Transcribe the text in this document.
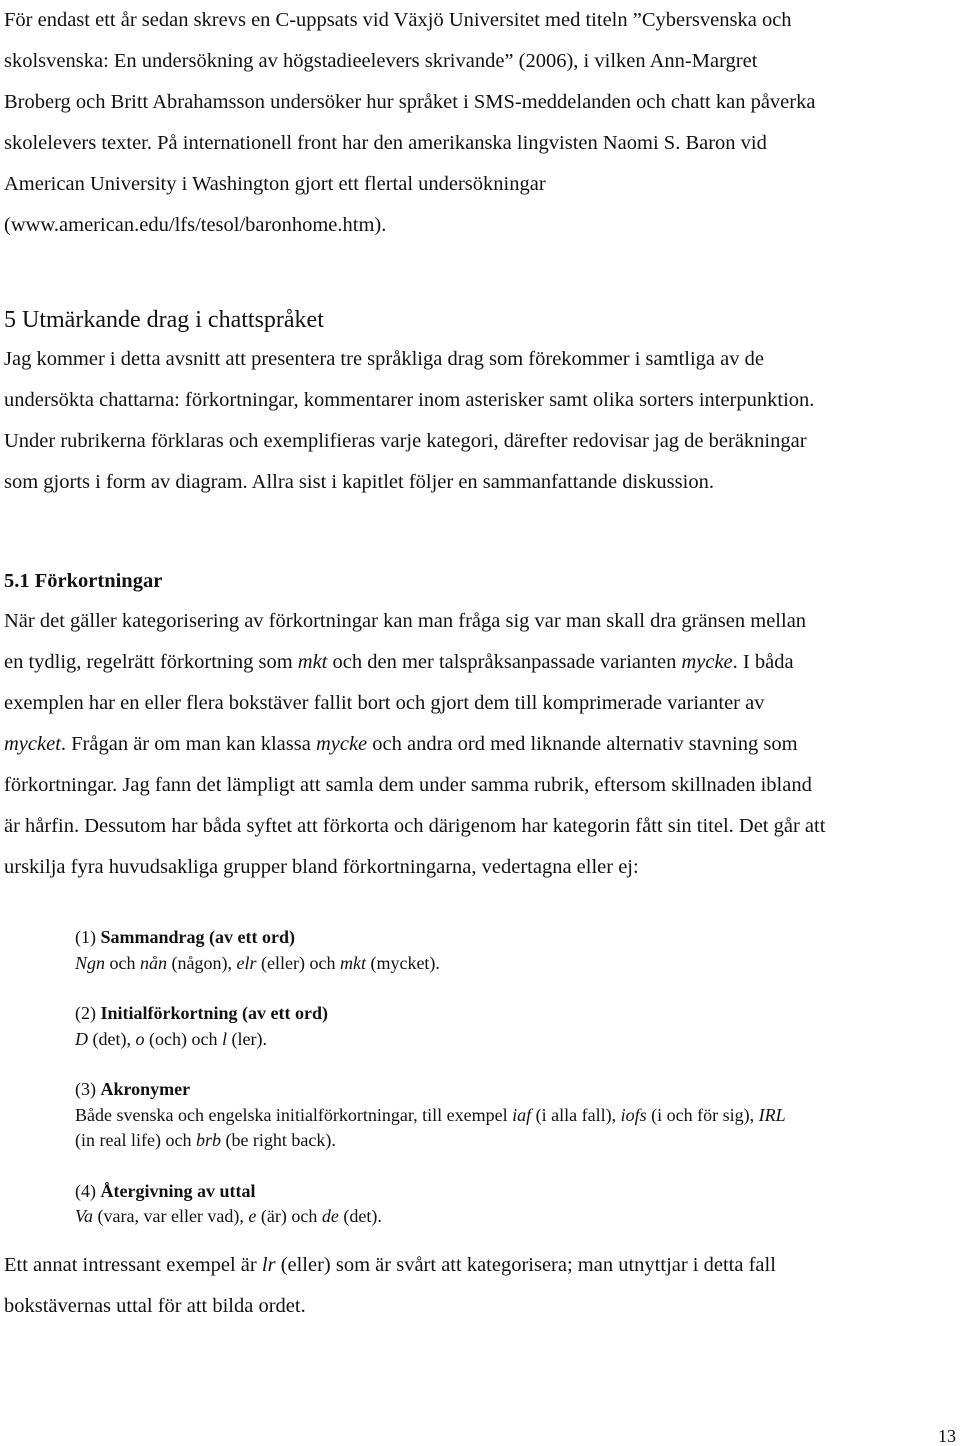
För endast ett år sedan skrevs en C-uppsats vid Växjö Universitet med titeln ”Cybersvenska och

skolsvenska: En undersökning av högstadieelevers skrivande” (2006), i vilken Ann-Margret

Broberg och Britt Abrahamsson undersöker hur språket i SMS-meddelanden och chatt kan påverka

skolelevers texter. På internationell front har den amerikanska lingvisten Naomi S. Baron vid

American University i Washington gjort ett flertal undersökningar

(www.american.edu/lfs/tesol/baronhome.htm).

5 Utmärkande drag i chattspråket

Jag kommer i detta avsnitt att presentera tre språkliga drag som förekommer i samtliga av de

undersökta chattarna: förkortningar, kommentarer inom asterisker samt olika sorters interpunktion.

Under rubrikerna förklaras och exemplifieras varje kategori, därefter redovisar jag de beräkningar

som gjorts i form av diagram. Allra sist i kapitlet följer en sammanfattande diskussion.

5.1 Förkortningar

När det gäller kategorisering av förkortningar kan man fråga sig var man skall dra gränsen mellan

en tydlig, regelrätt förkortning som mkt och den mer talspråksanpassade varianten mycke. I båda

exemplen har en eller flera bokstäver fallit bort och gjort dem till komprimerade varianter av

mycket. Frågan är om man kan klassa mycke och andra ord med liknande alternativ stavning som

förkortningar. Jag fann det lämpligt att samla dem under samma rubrik, eftersom skillnaden ibland

är hårfin. Dessutom har båda syftet att förkorta och därigenom har kategorin fått sin titel. Det går att

urskilja fyra huvudsakliga grupper bland förkortningarna, vedertagna eller ej:

(1) Sammandrag (av ett ord)

Ngn och nån (någon), elr (eller) och mkt (mycket).

(2) Initialförkortning (av ett ord)

D (det), o (och) och l (ler).

(3) Akronymer

Både svenska och engelska initialförkortningar, till exempel iaf (i alla fall), iofs (i och för sig), IRL

(in real life) och brb (be right back).

(4) Återgivning av uttal

Va (vara, var eller vad), e (är) och de (det).

Ett annat intressant exempel är lr (eller) som är svårt att kategorisera; man utnyttjar i detta fall

bokstävernas uttal för att bilda ordet.

13
